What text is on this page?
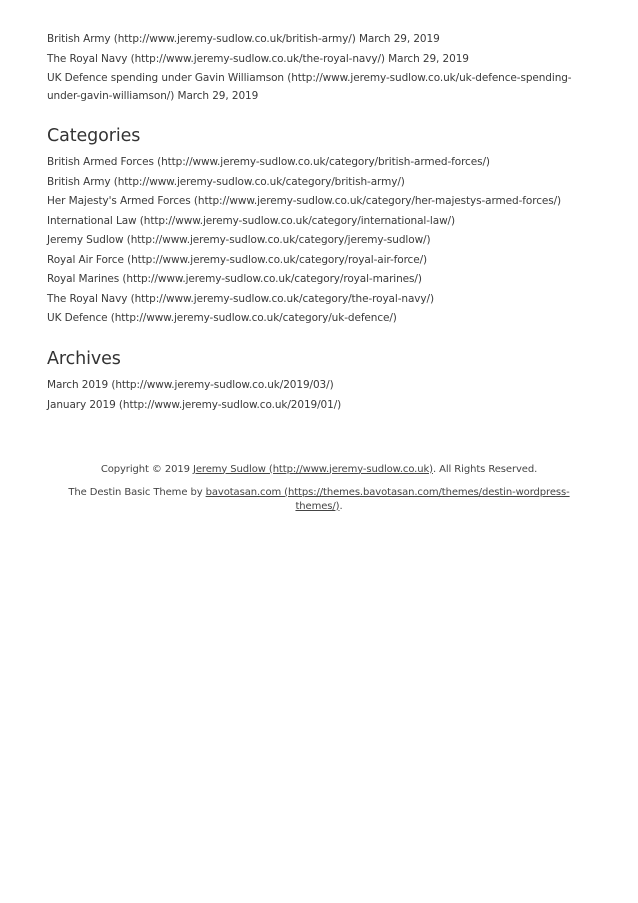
British Army (http://www.jeremy-sudlow.co.uk/british-army/) March 29, 2019

The Royal Navy (http://www.jeremy-sudlow.co.uk/the-royal-navy/) March 29, 2019

UK Defence spending under Gavin Williamson (http://www.jeremy-sudlow.co.uk/uk-defence-spending-under-gavin-williamson/) March 29, 2019

Categories

British Armed Forces (http://www.jeremy-sudlow.co.uk/category/british-armed-forces/)

British Army (http://www.jeremy-sudlow.co.uk/category/british-army/)

Her Majesty's Armed Forces (http://www.jeremy-sudlow.co.uk/category/her-majestys-armed-forces/)

International Law (http://www.jeremy-sudlow.co.uk/category/international-law/)

Jeremy Sudlow (http://www.jeremy-sudlow.co.uk/category/jeremy-sudlow/)

Royal Air Force (http://www.jeremy-sudlow.co.uk/category/royal-air-force/)

Royal Marines (http://www.jeremy-sudlow.co.uk/category/royal-marines/)

The Royal Navy (http://www.jeremy-sudlow.co.uk/category/the-royal-navy/)

UK Defence (http://www.jeremy-sudlow.co.uk/category/uk-defence/)

Archives

March 2019 (http://www.jeremy-sudlow.co.uk/2019/03/)

January 2019 (http://www.jeremy-sudlow.co.uk/2019/01/)

Copyright © 2019 Jeremy Sudlow (http://www.jeremy-sudlow.co.uk). All Rights Reserved.

The Destin Basic Theme by bavotasan.com (https://themes.bavotasan.com/themes/destin-wordpress-themes/).
